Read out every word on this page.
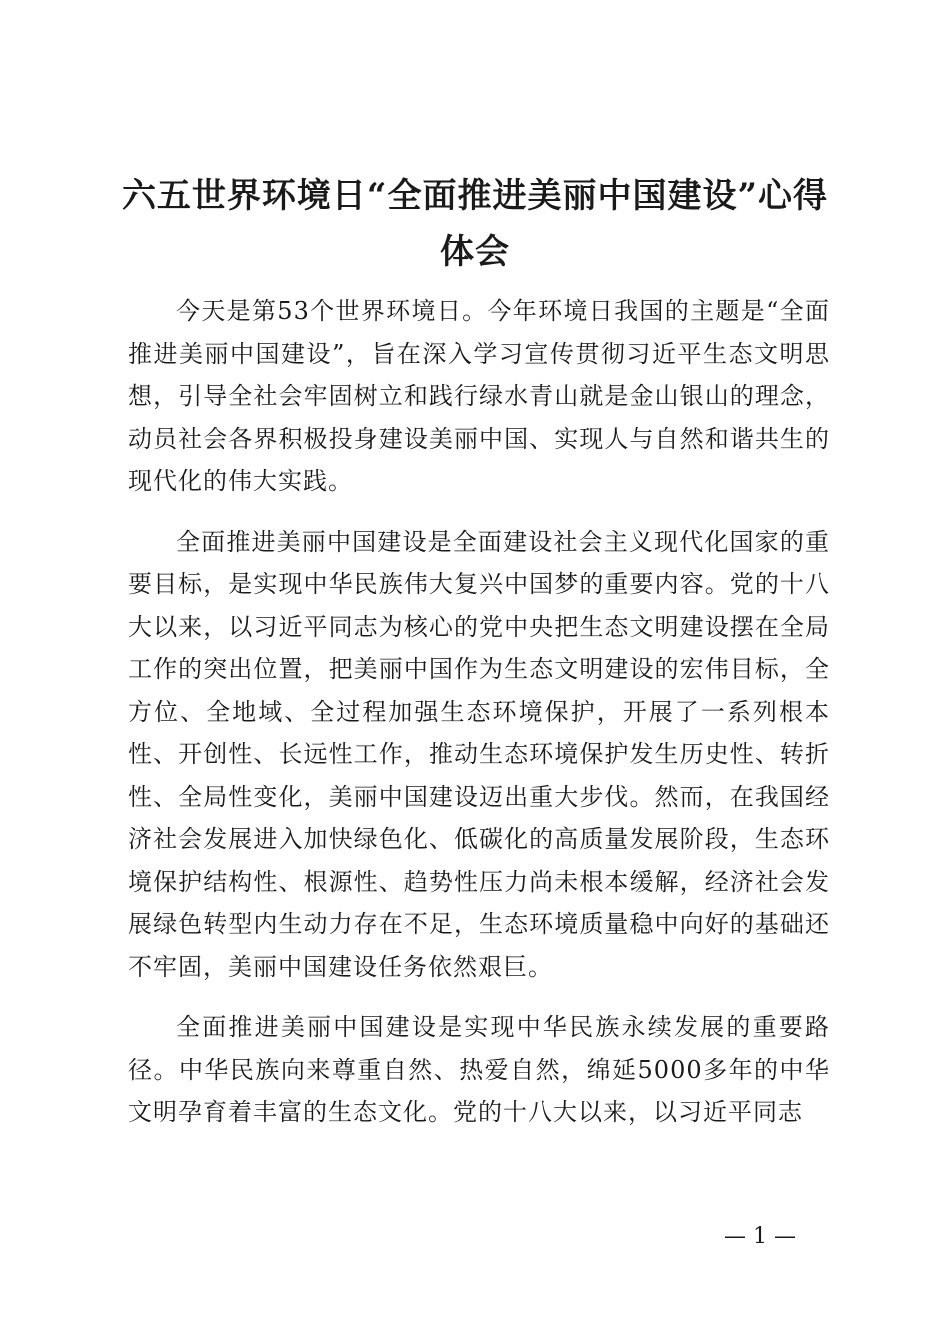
六五世界环境日“全面推进美丽中国建设”心得体会

今天是第53个世界环境日。今年环境日我国的主题是“全面推进美丽中国建设”，旨在深入学习宣传贯彻习近平生态文明思想，引导全社会牢固树立和践行绿水青山就是金山银山的理念，动员社会各界积极投身建设美丽中国、实现人与自然和谐共生的现代化的伟大实践。

全面推进美丽中国建设是全面建设社会主义现代化国家的重要目标，是实现中华民族伟大复兴中国梦的重要内容。党的十八大以来，以习近平同志为核心的党中央把生态文明建设摆在全局工作的突出位置，把美丽中国作为生态文明建设的宏伟目标，全方位、全地域、全过程加强生态环境保护，开展了一系列根本性、开创性、长远性工作，推动生态环境保护发生历史性、转折性、全局性变化，美丽中国建设迈出重大步伐。然而，在我国经济社会发展进入加快绿色化、低碳化的高质量发展阶段，生态环境保护结构性、根源性、趋势性压力尚未根本缓解，经济社会发展绿色转型内生动力存在不足，生态环境质量稳中向好的基础还不牢固，美丽中国建设任务依然艰巨。

全面推进美丽中国建设是实现中华民族永续发展的重要路径。中华民族向来尊重自然、热爱自然，绵延5000多年的中华文明孕育着丰富的生态文化。党的十八大以来，以习近平同志

— 1 —
